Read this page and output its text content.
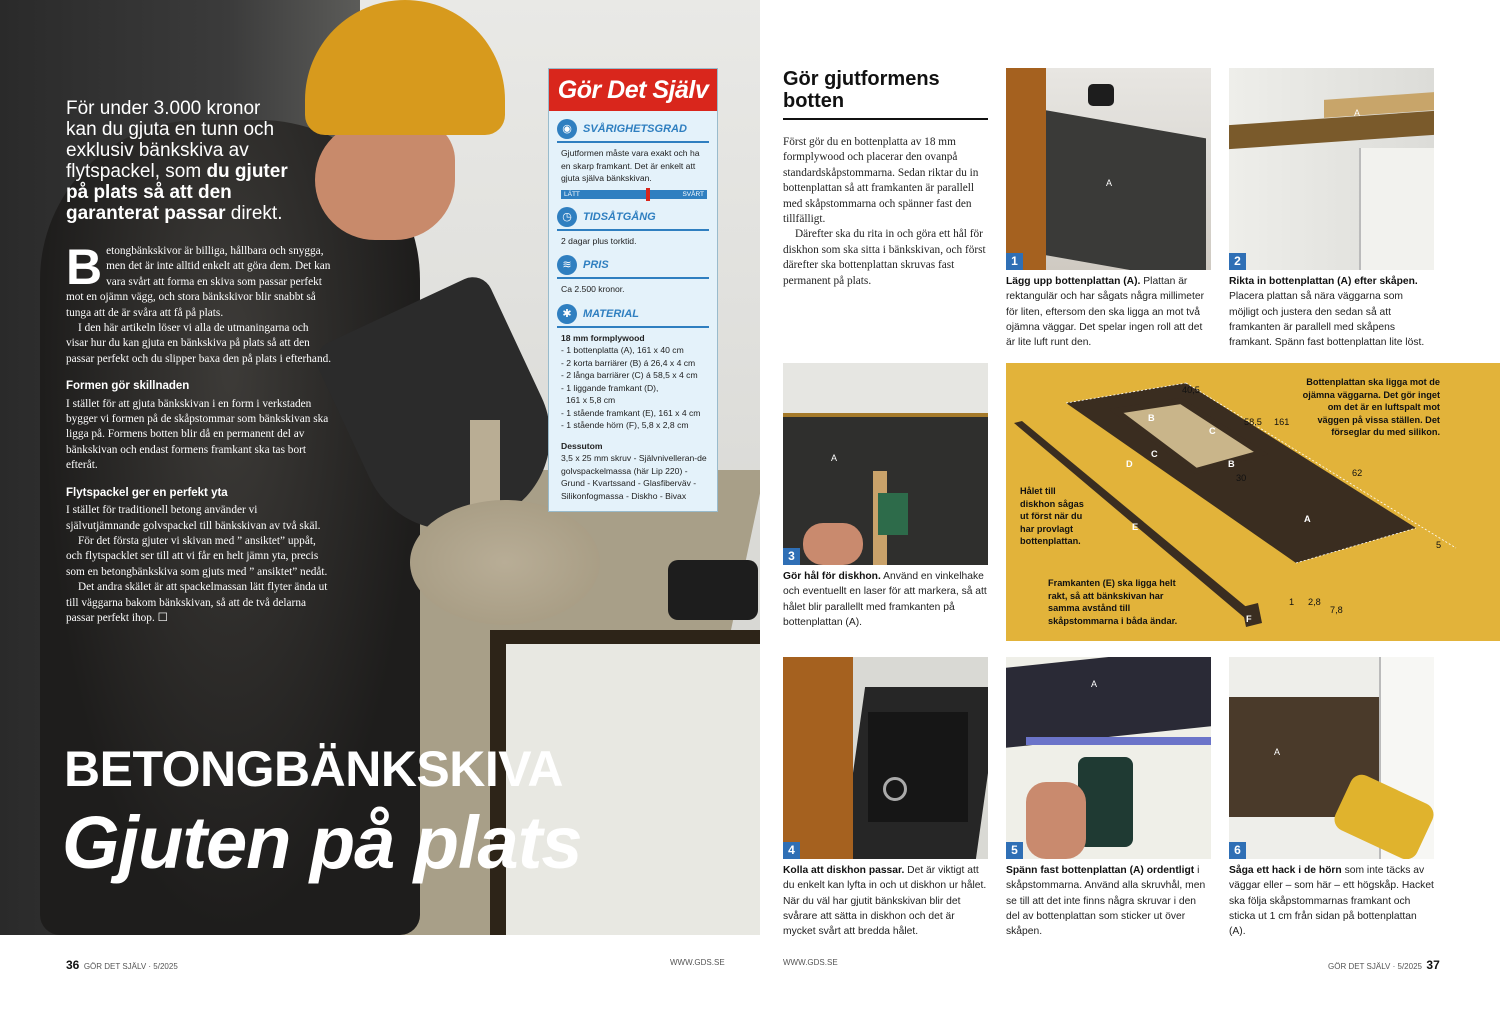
För under 3.000 kronor kan du gjuta en tunn och exklusiv bänkskiva av flytspackel, som du gjuter på plats så att den garanterat passar direkt.

Betongbänkskivor är billiga, hållbara och snygga, men det är inte alltid enkelt att göra dem. Det kan vara svårt att forma en skiva som passar perfekt mot en ojämn vägg, och stora bänkskivor blir snabbt så tunga att de är svåra att få på plats.

I den här artikeln löser vi alla de utmaningarna och visar hur du kan gjuta en bänkskiva på plats så att den passar perfekt och du slipper baxa den på plats i efterhand.

Formen gör skillnaden

I stället för att gjuta bänkskivan i en form i verkstaden bygger vi formen på de skåpstommar som bänkskivan ska ligga på. Formens botten blir då en permanent del av bänkskivan och endast formens framkant ska tas bort efteråt.

Flytspackel ger en perfekt yta

I stället för traditionell betong använder vi självutjämnande golvspackel till bänkskivan av två skäl.

För det första gjuter vi skivan med ” ansiktet” uppåt, och flytspacklet ser till att vi får en helt jämn yta, precis som en betongbänkskiva som gjuts med ” ansiktet” nedåt.

Det andra skälet är att spackelmassan lätt flyter ända ut till väggarna bakom bänkskivan, så att de två delarna passar perfekt ihop. ☐

BETONGBÄNKSKIVA
Gjuten på plats
Gör Det Själv
◉	SVÅRIGHETSGRAD
Gjutformen måste vara exakt och ha en skarp framkant. Det är enkelt att gjuta själva bänkskivan.
LÄTT	SVÅRT
◷	TIDSÅTGÅNG
2 dagar plus torktid.
≋	PRIS
Ca 2.500 kronor.
✱	MATERIAL
18 mm formplywood
- 1 bottenplatta (A), 161 x 40 cm
- 2 korta barriärer (B) á 26,4 x 4 cm
- 2 långa barriärer (C) á 58,5 x 4 cm
- 1 liggande framkant (D),
161 x 5,8 cm
- 1 stående framkant (E), 161 x 4 cm
- 1 stående hörn (F), 5,8 x 2,8 cm
Dessutom
3,5 x 25 mm skruv - Självnivelleran-de golvspackelmassa (här Lip 220) - Grund - Kvartssand - Glasfiberväv - Silikonfogmassa - Diskho - Bivax
36 GÖR DET SJÄLV · 5/2025	WWW.GDS.SE
Gör gjutformens botten

Först gör du en bottenplatta av 18 mm formplywood och placerar den ovanpå standardskåpstommarna. Sedan riktar du in bottenplattan så att framkanten är parallell med skåpstommarna och spänner fast den tillfälligt.

Därefter ska du rita in och göra ett hål för diskhon som ska sitta i bänkskivan, och först därefter ska bottenplattan skruvas fast permanent på plats.

A
1
Lägg upp bottenplattan (A). Plattan är rektangulär och har sågats några millimeter för liten, eftersom den ska ligga an mot två ojämna väggar. Det spelar ingen roll att det är lite luft runt den.
A
2
Rikta in bottenplattan (A) efter skåpen. Placera plattan så nära väggarna som möjligt och justera den sedan så att framkanten är parallell med skåpens framkant. Spänn fast bottenplattan lite löst.
A
3
Gör hål för diskhon. Använd en vinkelhake och eventuellt en laser för att markera, så att hålet blir parallellt med framkanten på bottenplattan (A).
40,5
58,5 161
62
30
5
1 2,8
7,8
A
B
B
C
C
D
E
F
Bottenplattan ska ligga mot de ojämna väggarna. Det gör inget om det är en luftspalt mot väggen på vissa ställen. Det förseglar du med silikon.
Hålet till diskhon sågas ut först när du har provlagt bottenplattan.
Framkanten (E) ska ligga helt rakt, så att bänkskivan har samma avstånd till skåpstommarna i båda ändar.
4
Kolla att diskhon passar. Det är viktigt att du enkelt kan lyfta in och ut diskhon ur hålet. När du väl har gjutit bänkskivan blir det svårare att sätta in diskhon och det är mycket svårt att bredda hålet.
A
5
Spänn fast bottenplattan (A) ordentligt i skåpstommarna. Använd alla skruvhål, men se till att det inte finns några skruvar i den del av bottenplattan som sticker ut över skåpen.
A
6
Såga ett hack i de hörn som inte täcks av väggar eller – som här – ett högskåp. Hacket ska följa skåpstommarnas framkant och sticka ut 1 cm från sidan på bottenplattan (A).
WWW.GDS.SE	GÖR DET SJÄLV · 5/2025 37
